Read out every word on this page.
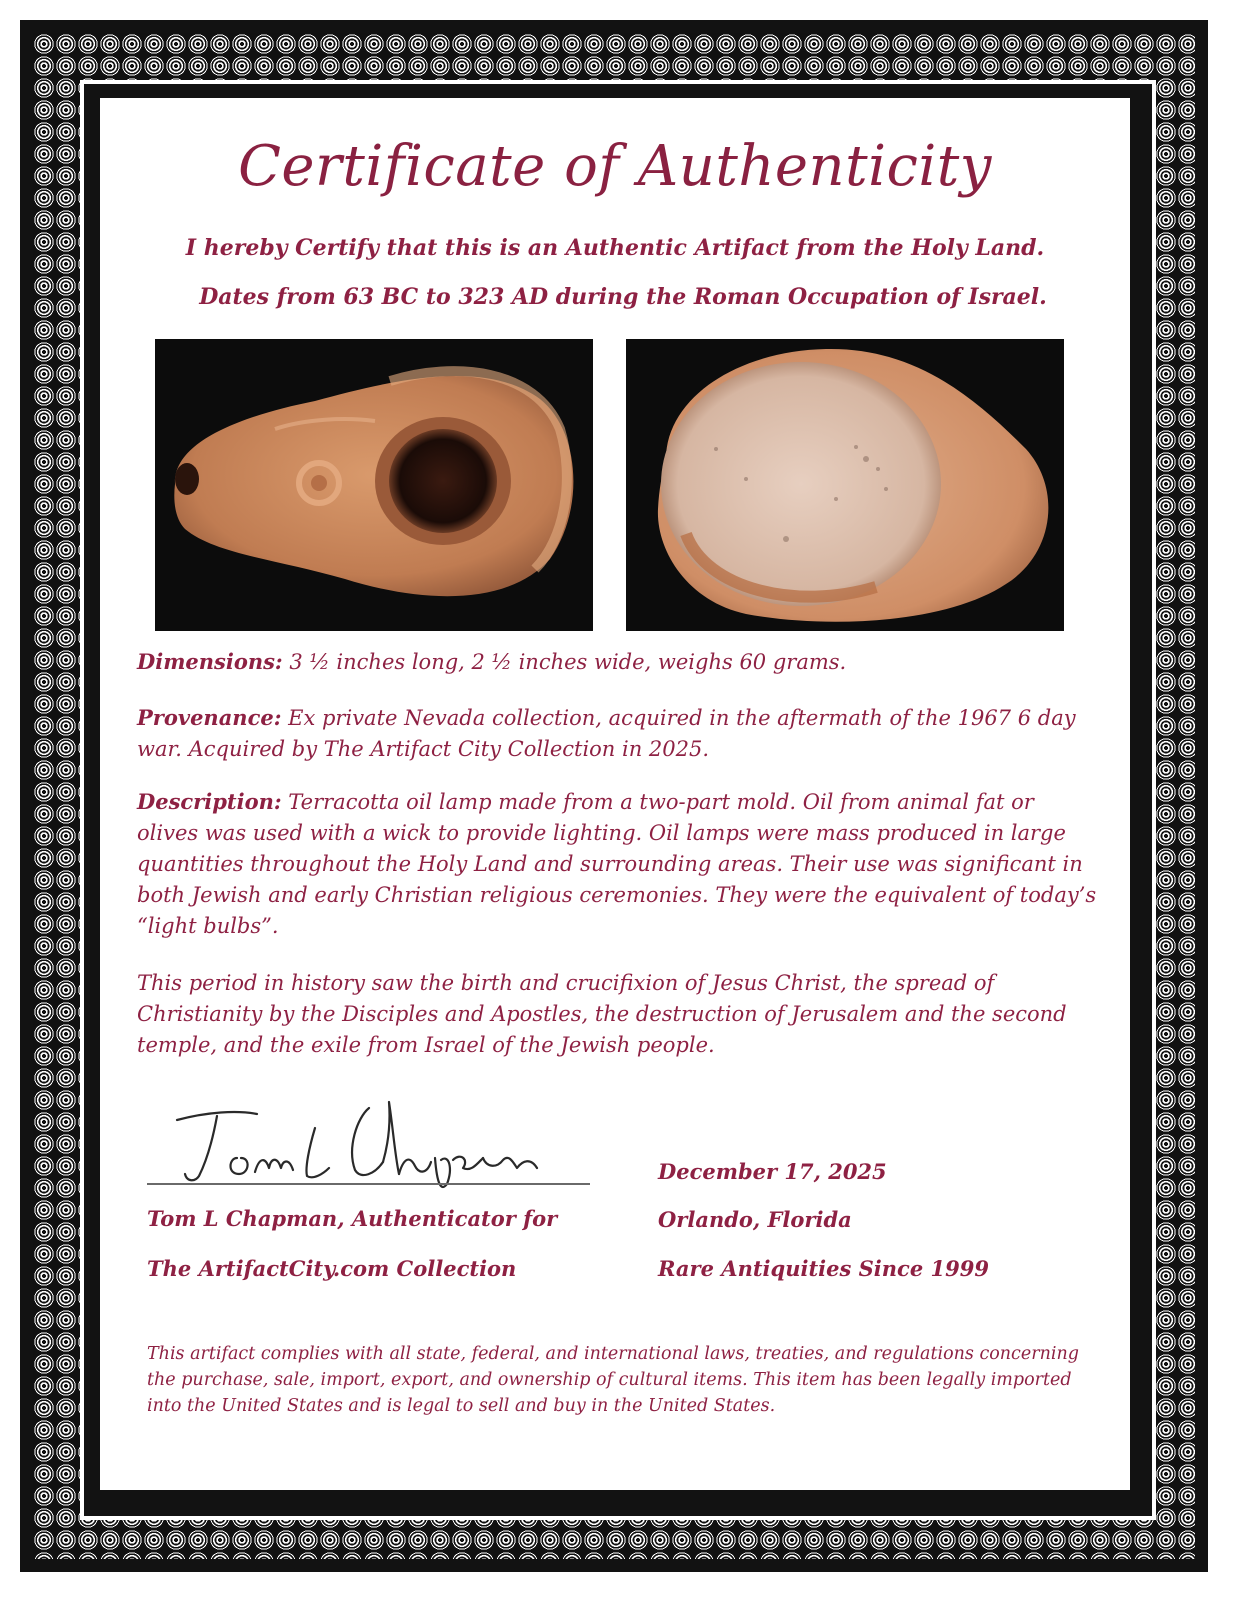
Certificate of Authenticity

I hereby Certify that this is an Authentic Artifact from the Holy Land.

Dates from 63 BC to 323 AD during the Roman Occupation of Israel.

Dimensions: 3 ½ inches long, 2 ½ inches wide, weighs 60 grams.

Provenance: Ex private Nevada collection, acquired in the aftermath of the 1967 6 day war. Acquired by The Artifact City Collection in 2025.

Description: Terracotta oil lamp made from a two-part mold. Oil from animal fat or olives was used with a wick to provide lighting. Oil lamps were mass produced in large quantities throughout the Holy Land and surrounding areas. Their use was significant in both Jewish and early Christian religious ceremonies. They were the equivalent of today’s “light bulbs”.

This period in history saw the birth and crucifixion of Jesus Christ, the spread of Christianity by the Disciples and Apostles, the destruction of Jerusalem and the second temple, and the exile from Israel of the Jewish people.

Tom L Chapman, Authenticator for

The ArtifactCity.com Collection

December 17, 2025

Orlando, Florida

Rare Antiquities Since 1999

This artifact complies with all state, federal, and international laws, treaties, and regulations concerning the purchase, sale, import, export, and ownership of cultural items. This item has been legally imported into the United States and is legal to sell and buy in the United States.
